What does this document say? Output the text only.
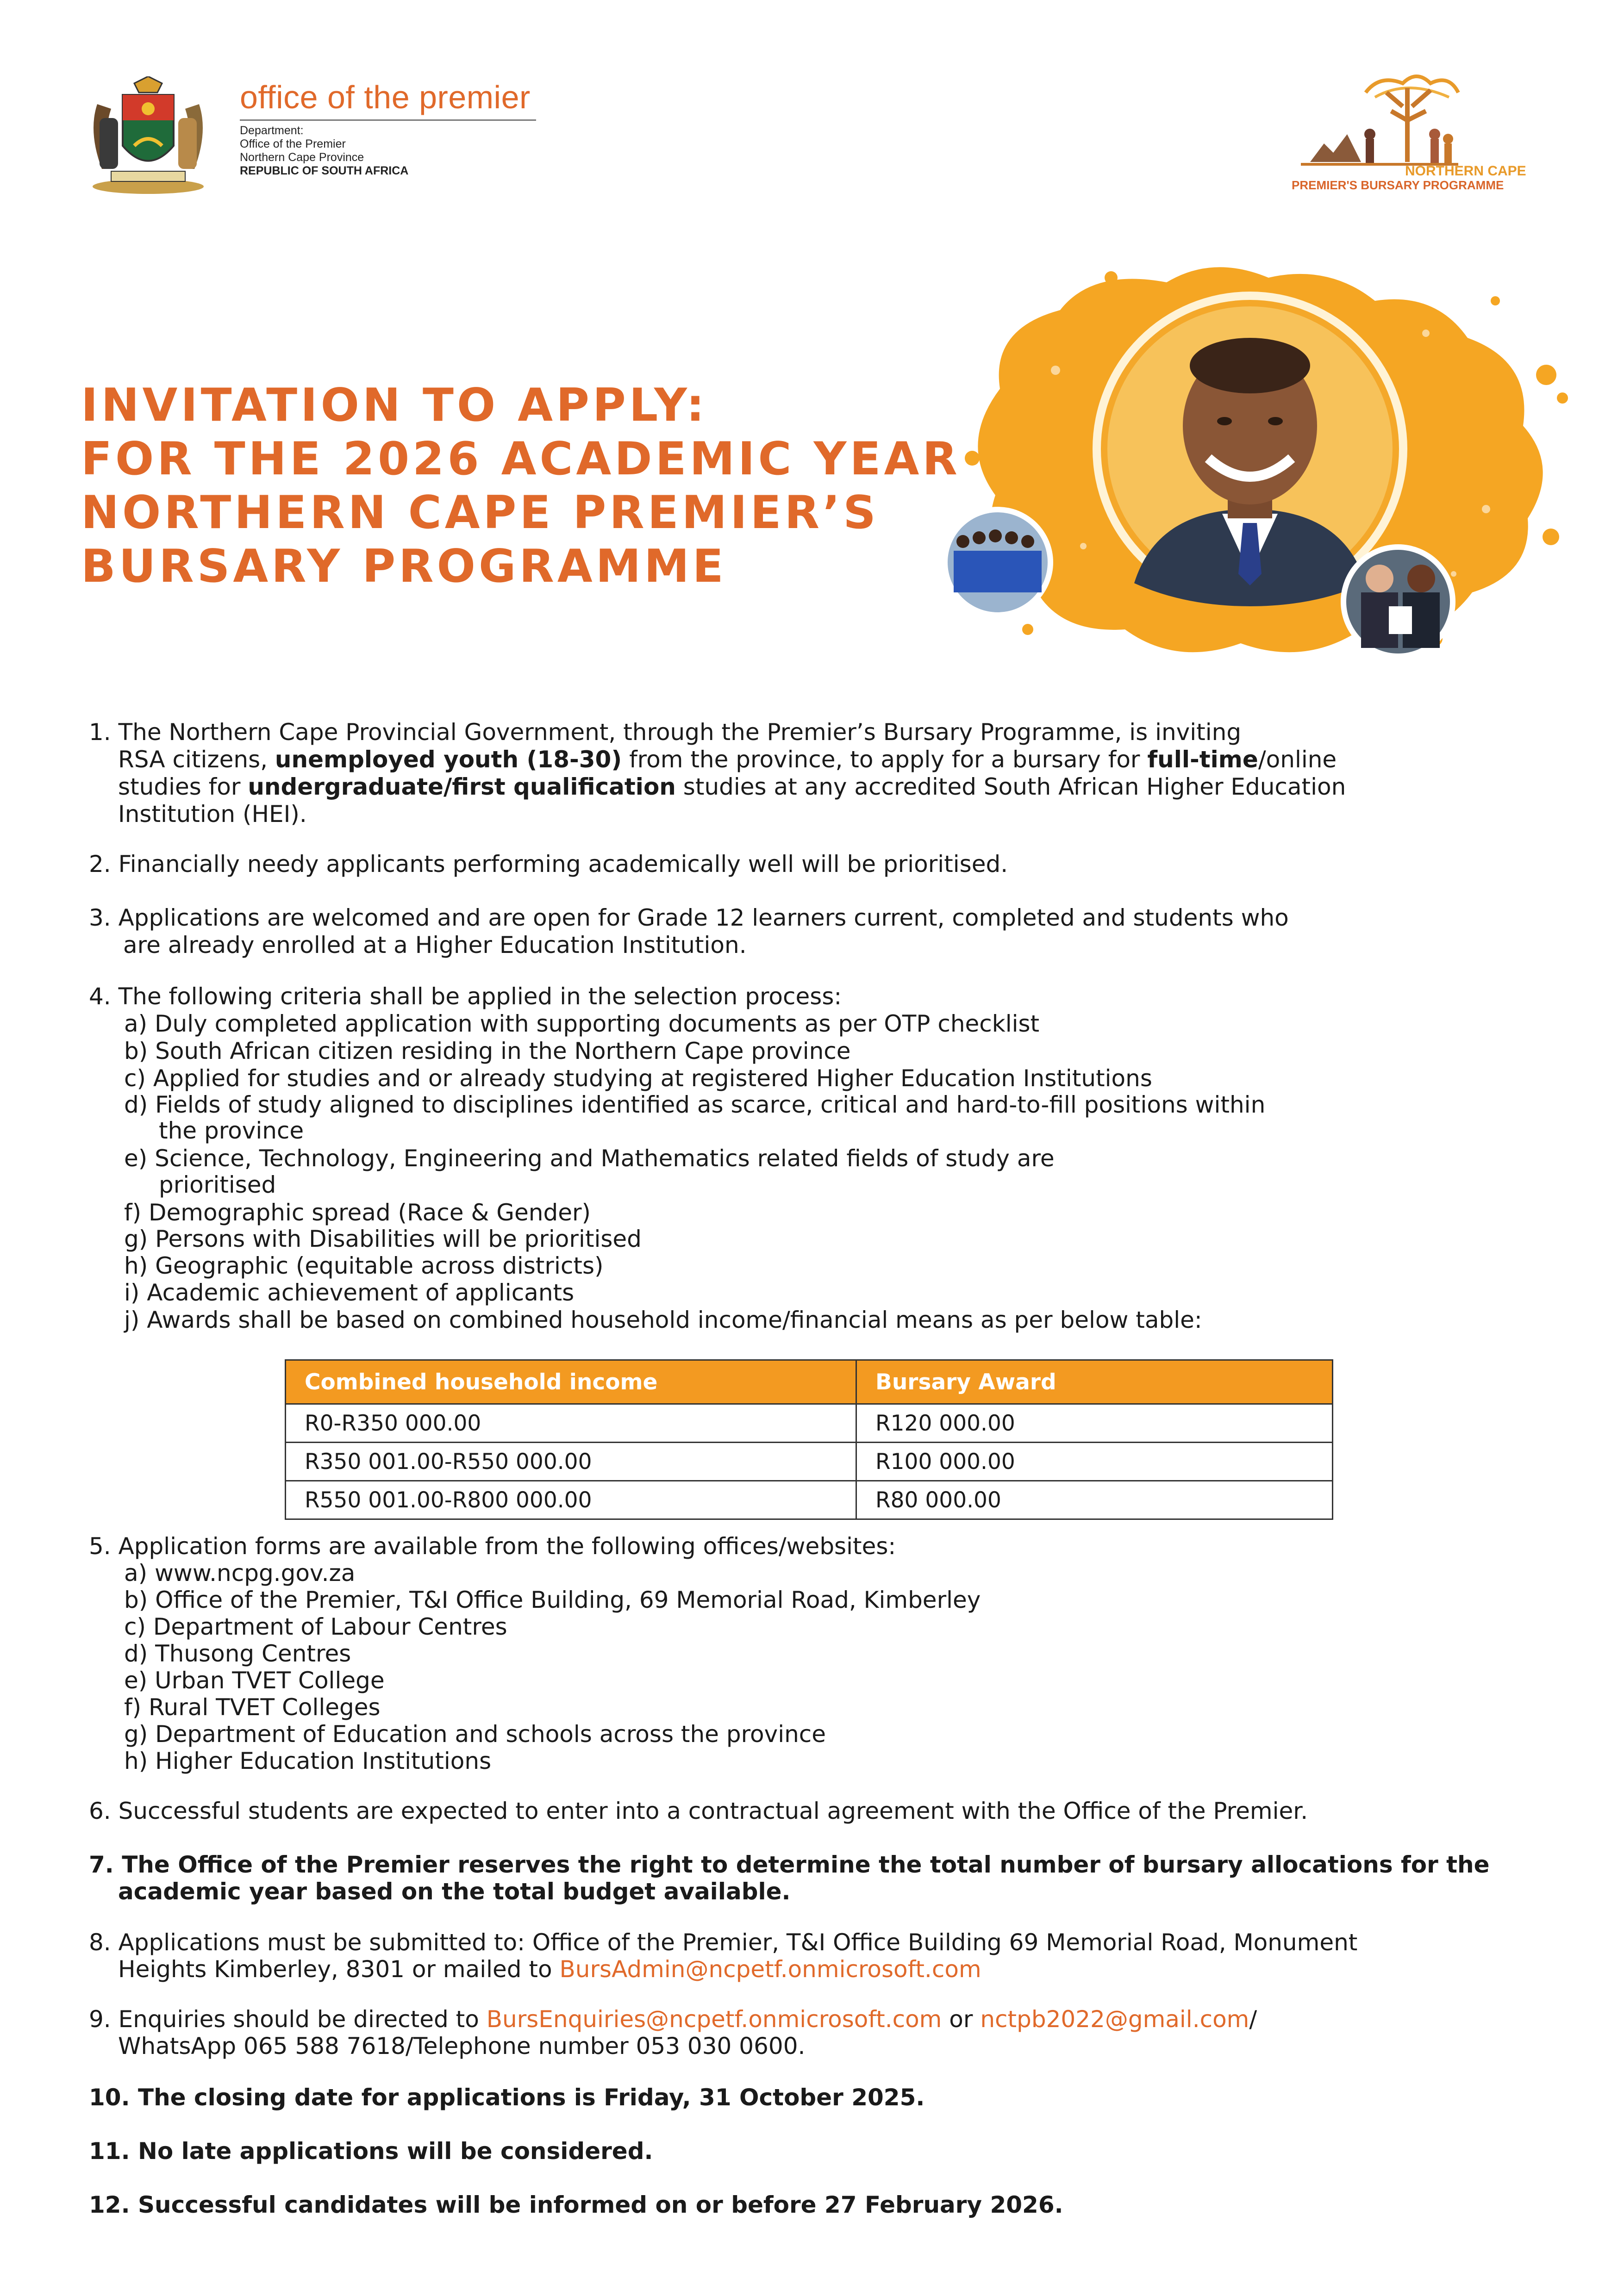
office of the premier
Department:
Office of the Premier
Northern Cape Province
REPUBLIC OF SOUTH AFRICA	NORTHERN CAPE
PREMIER'S BURSARY PROGRAMME
INVITATION TO APPLY:
FOR THE 2026 ACADEMIC YEAR
NORTHERN CAPE PREMIER’S
BURSARY PROGRAMME
1. The Northern Cape Provincial Government, through the Premier’s Bursary Programme, is inviting
RSA citizens, unemployed youth (18-30) from the province, to apply for a bursary for full-time/online
studies for undergraduate/first qualification studies at any accredited South African Higher Education
Institution (HEI).
2. Financially needy applicants performing academically well will be prioritised.
3. Applications are welcomed and are open for Grade 12 learners current, completed and students who
are already enrolled at a Higher Education Institution.
4. The following criteria shall be applied in the selection process:
a) Duly completed application with supporting documents as per OTP checklist
b) South African citizen residing in the Northern Cape province
c) Applied for studies and or already studying at registered Higher Education Institutions
d) Fields of study aligned to disciplines identified as scarce, critical and hard-to-fill positions within
the province
e) Science, Technology, Engineering and Mathematics related fields of study are
prioritised
f) Demographic spread (Race & Gender)
g) Persons with Disabilities will be prioritised
h) Geographic (equitable across districts)
i) Academic achievement of applicants
j) Awards shall be based on combined household income/financial means as per below table:
Combined household income	Bursary Award
R0-R350 000.00	R120 000.00
R350 001.00-R550 000.00	R100 000.00
R550 001.00-R800 000.00	R80 000.00
5. Application forms are available from the following offices/websites:
a) www.ncpg.gov.za
b) Office of the Premier, T&I Office Building, 69 Memorial Road, Kimberley
c) Department of Labour Centres
d) Thusong Centres
e) Urban TVET College
f) Rural TVET Colleges
g) Department of Education and schools across the province
h) Higher Education Institutions
6. Successful students are expected to enter into a contractual agreement with the Office of the Premier.
7. The Office of the Premier reserves the right to determine the total number of bursary allocations for the
academic year based on the total budget available.
8. Applications must be submitted to: Office of the Premier, T&I Office Building 69 Memorial Road, Monument
Heights Kimberley, 8301 or mailed to BursAdmin@ncpetf.onmicrosoft.com
9. Enquiries should be directed to BursEnquiries@ncpetf.onmicrosoft.com or nctpb2022@gmail.com/
WhatsApp 065 588 7618/Telephone number 053 030 0600.
10. The closing date for applications is Friday, 31 October 2025.
11. No late applications will be considered.
12. Successful candidates will be informed on or before 27 February 2026.
